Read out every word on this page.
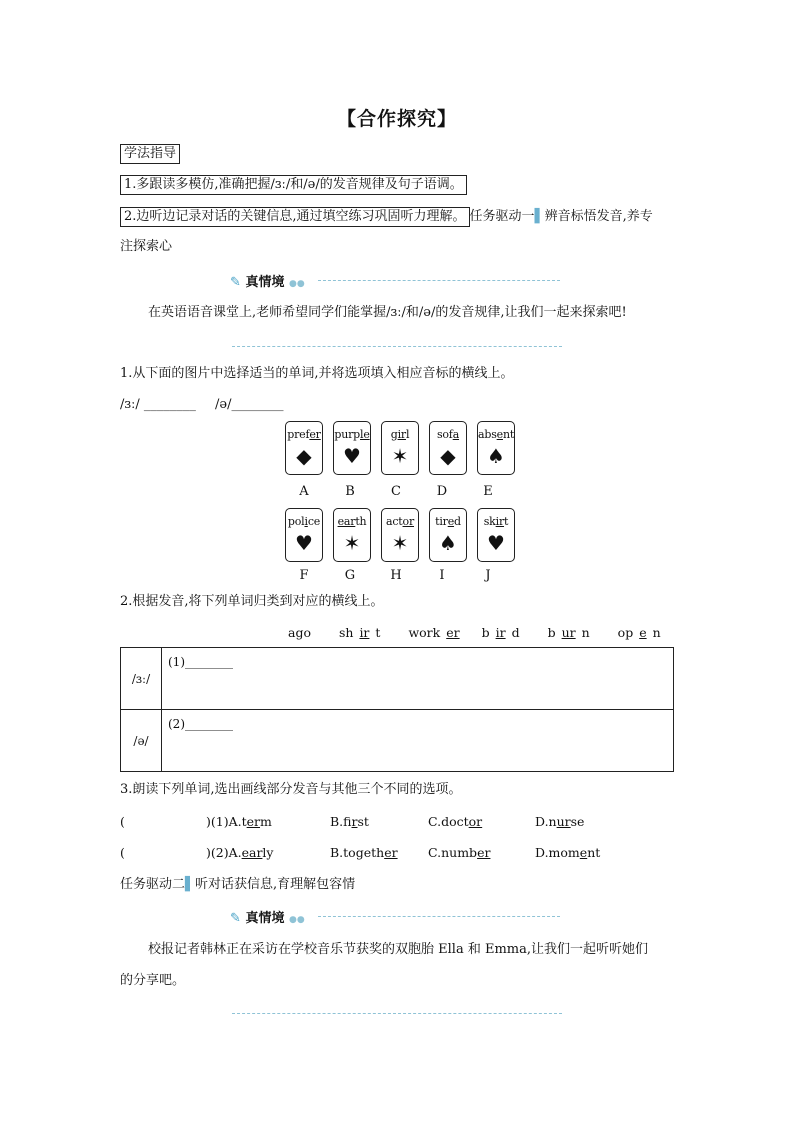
【合作探究】
学法指导
1.多跟读多模仿,准确把握/ɜː/和/ə/的发音规律及句子语调。
2.边听边记录对话的关键信息,通过填空练习巩固听力理解。 任务驱动一▌辨音标悟发音,养专
注探索心
✎ 真情境 ●●
在英语语音课堂上,老师希望同学们能掌握/ɜː/和/ə/的发音规律,让我们一起来探索吧!
1.从下面的图片中选择适当的单词,并将选项填入相应音标的横线上。
/ɜː/ ________ /ə/________
prefer
◆
purple
♥
girl
✶
sofa
◆
absent
♠
A	B	C	D	E
police
♥
earth
✶
actor
✶
tired
♠
skirt
♥
F	G	H	I	J
2.根据发音,将下列单词归类到对应的横线上。
ago sh ir t work er b ir d b ur n op e n
/ɜː/	(1)________
/ə/	(2)________
3.朗读下列单词,选出画线部分发音与其他三个不同的选项。
(	)(1)A.term	B.first	C.doctor	D.nurse
(	)(2)A.early	B.together C.number	D.moment
任务驱动二▌听对话获信息,育理解包容情
✎ 真情境 ●●
校报记者韩林正在采访在学校音乐节获奖的双胞胎 Ella 和 Emma,让我们一起听听她们
的分享吧。
